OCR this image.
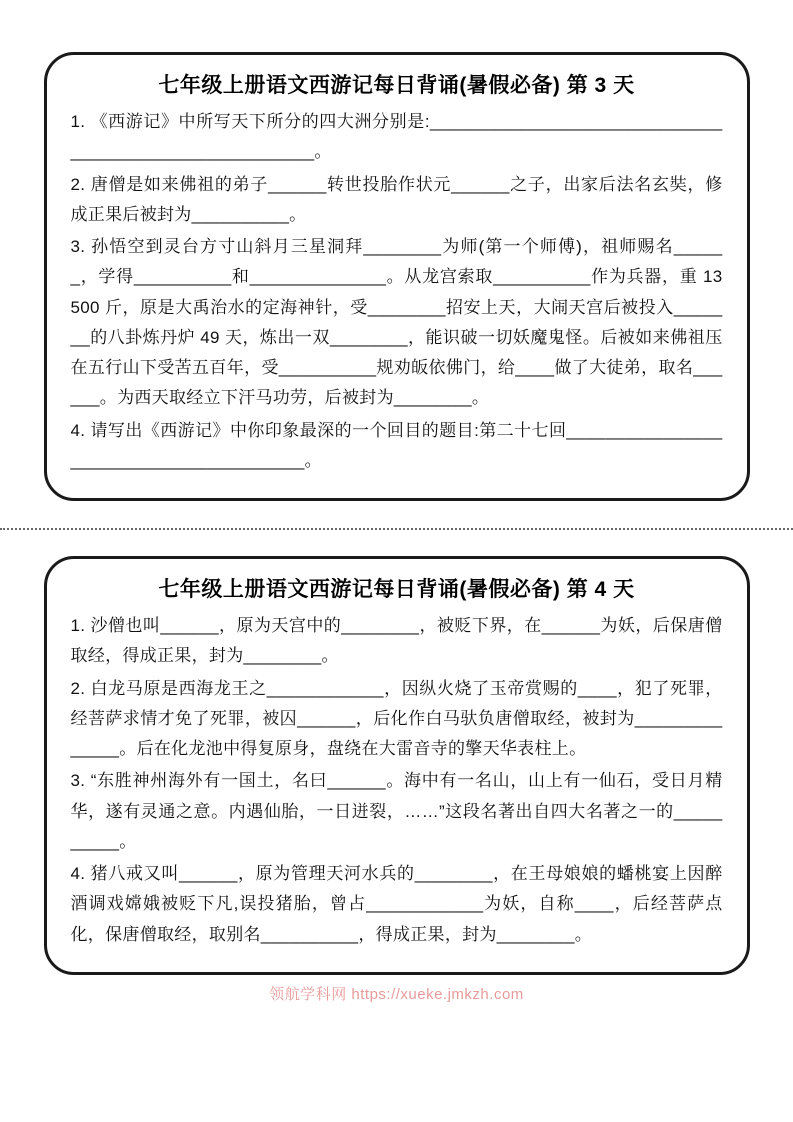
七年级上册语文西游记每日背诵(暑假必备) 第 3 天

1. 《西游记》中所写天下所分的四大洲分别是:_______________________________________________________。

2. 唐僧是如来佛祖的弟子______转世投胎作状元______之子，出家后法名玄奘，修成正果后被封为__________。

3. 孙悟空到灵台方寸山斜月三星洞拜________为师(第一个师傅)，祖师赐名______，学得__________和______________。从龙宫索取__________作为兵器，重 13500 斤，原是大禹治水的定海神针，受________招安上天，大闹天宫后被投入_______的八卦炼丹炉 49 天，炼出一双________，能识破一切妖魔鬼怪。后被如来佛祖压在五行山下受苦五百年，受__________规劝皈依佛门，给____做了大徒弟，取名______。为西天取经立下汗马功劳，后被封为________。

4. 请写出《西游记》中你印象最深的一个回目的题目:第二十七回________________________________________。

七年级上册语文西游记每日背诵(暑假必备) 第 4 天

1. 沙僧也叫______，原为天宫中的________，被贬下界，在______为妖，后保唐僧取经，得成正果，封为________。

2. 白龙马原是西海龙王之____________，因纵火烧了玉帝赏赐的____，犯了死罪，经菩萨求情才免了死罪，被囚______，后化作白马驮负唐僧取经，被封为______________。后在化龙池中得复原身，盘绕在大雷音寺的擎天华表柱上。

3. “东胜神州海外有一国土，名曰______。海中有一名山，山上有一仙石，受日月精华，遂有灵通之意。内遇仙胎，一日迸裂，……”这段名著出自四大名著之一的__________。

4. 猪八戒又叫______，原为管理天河水兵的________，在王母娘娘的蟠桃宴上因醉酒调戏嫦娥被贬下凡,误投猪胎，曾占____________为妖，自称____，后经菩萨点化，保唐僧取经，取别名__________，得成正果，封为________。

领航学科网 https://xueke.jmkzh.com
